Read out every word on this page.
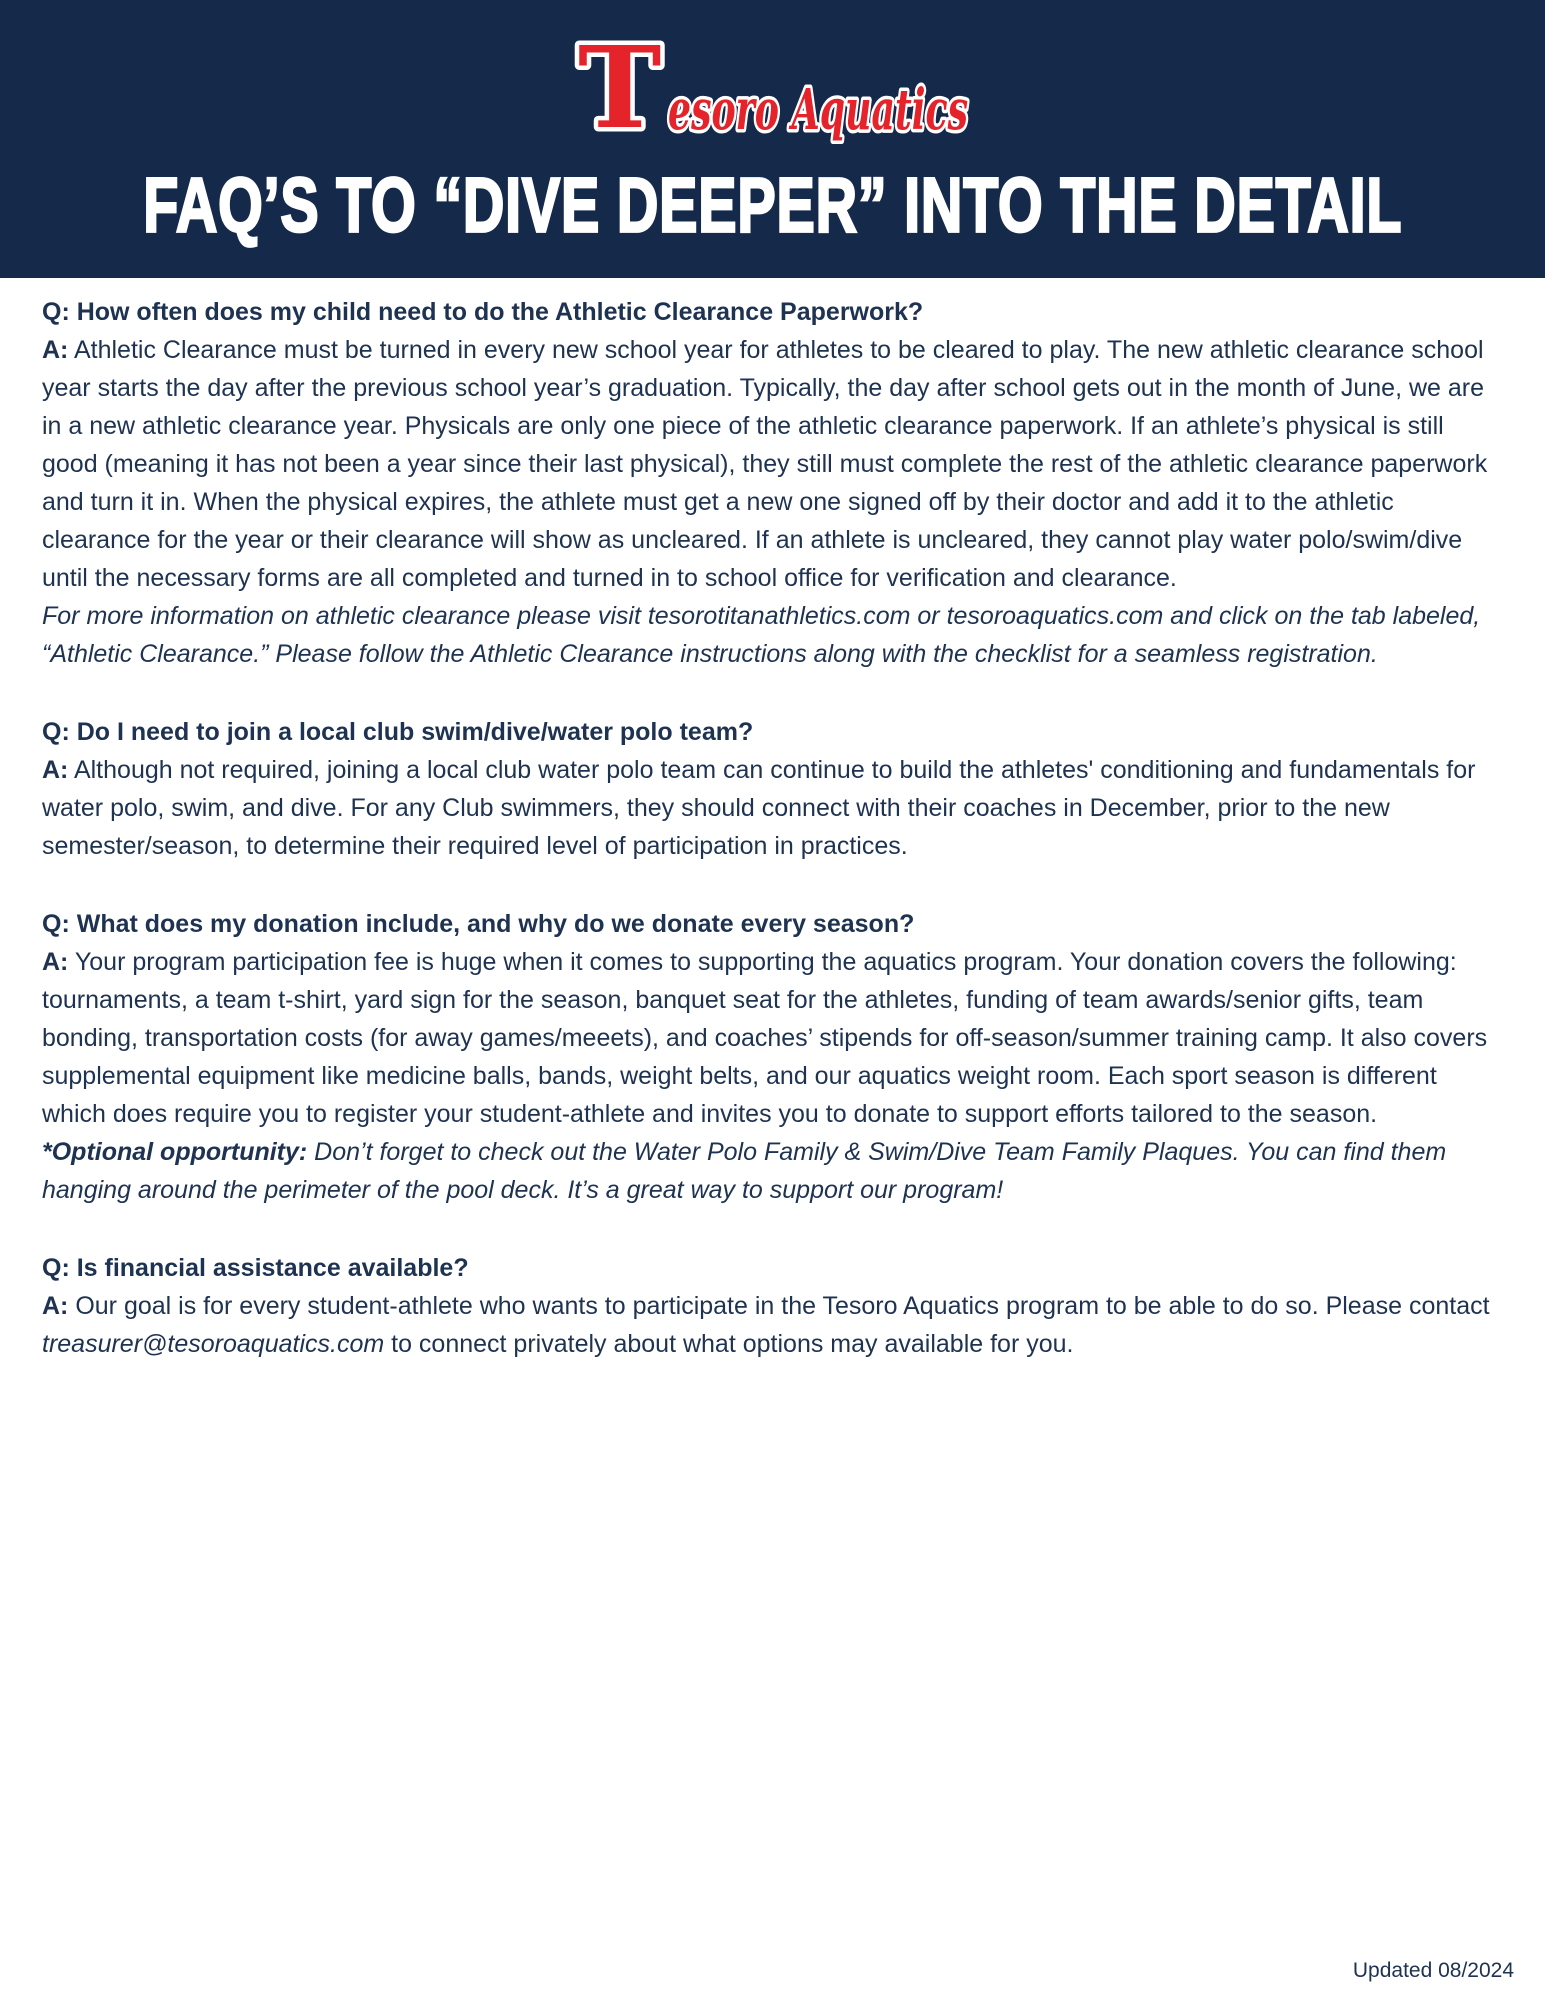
T esoro Aquatics
FAQ’S TO “DIVE DEEPER” INTO THE DETAIL

Q: How often does my child need to do the Athletic Clearance Paperwork?

A: Athletic Clearance must be turned in every new school year for athletes to be cleared to play. The new athletic clearance school year starts the day after the previous school year’s graduation. Typically, the day after school gets out in the month of June, we are in a new athletic clearance year. Physicals are only one piece of the athletic clearance paperwork. If an athlete’s physical is still good (meaning it has not been a year since their last physical), they still must complete the rest of the athletic clearance paperwork and turn it in. When the physical expires, the athlete must get a new one signed off by their doctor and add it to the athletic clearance for the year or their clearance will show as uncleared. If an athlete is uncleared, they cannot play water polo/swim/dive until the necessary forms are all completed and turned in to school office for verification and clearance.

For more information on athletic clearance please visit tesorotitanathletics.com or tesoroaquatics.com and click on the tab labeled, “Athletic Clearance.” Please follow the Athletic Clearance instructions along with the checklist for a seamless registration.

Q: Do I need to join a local club swim/dive/water polo team?

A: Although not required, joining a local club water polo team can continue to build the athletes' conditioning and fundamentals for water polo, swim, and dive. For any Club swimmers, they should connect with their coaches in December, prior to the new semester/season, to determine their required level of participation in practices.

Q: What does my donation include, and why do we donate every season?

A: Your program participation fee is huge when it comes to supporting the aquatics program. Your donation covers the following: tournaments, a team t-shirt, yard sign for the season, banquet seat for the athletes, funding of team awards/senior gifts, team bonding, transportation costs (for away games/meeets), and coaches’ stipends for off-season/summer training camp. It also covers supplemental equipment like medicine balls, bands, weight belts, and our aquatics weight room. Each sport season is different which does require you to register your student-athlete and invites you to donate to support efforts tailored to the season.

*Optional opportunity: Don’t forget to check out the Water Polo Family & Swim/Dive Team Family Plaques. You can find them hanging around the perimeter of the pool deck. It’s a great way to support our program!

Q: Is financial assistance available?

A: Our goal is for every student-athlete who wants to participate in the Tesoro Aquatics program to be able to do so. Please contact treasurer@tesoroaquatics.com to connect privately about what options may available for you.

Updated 08/2024
